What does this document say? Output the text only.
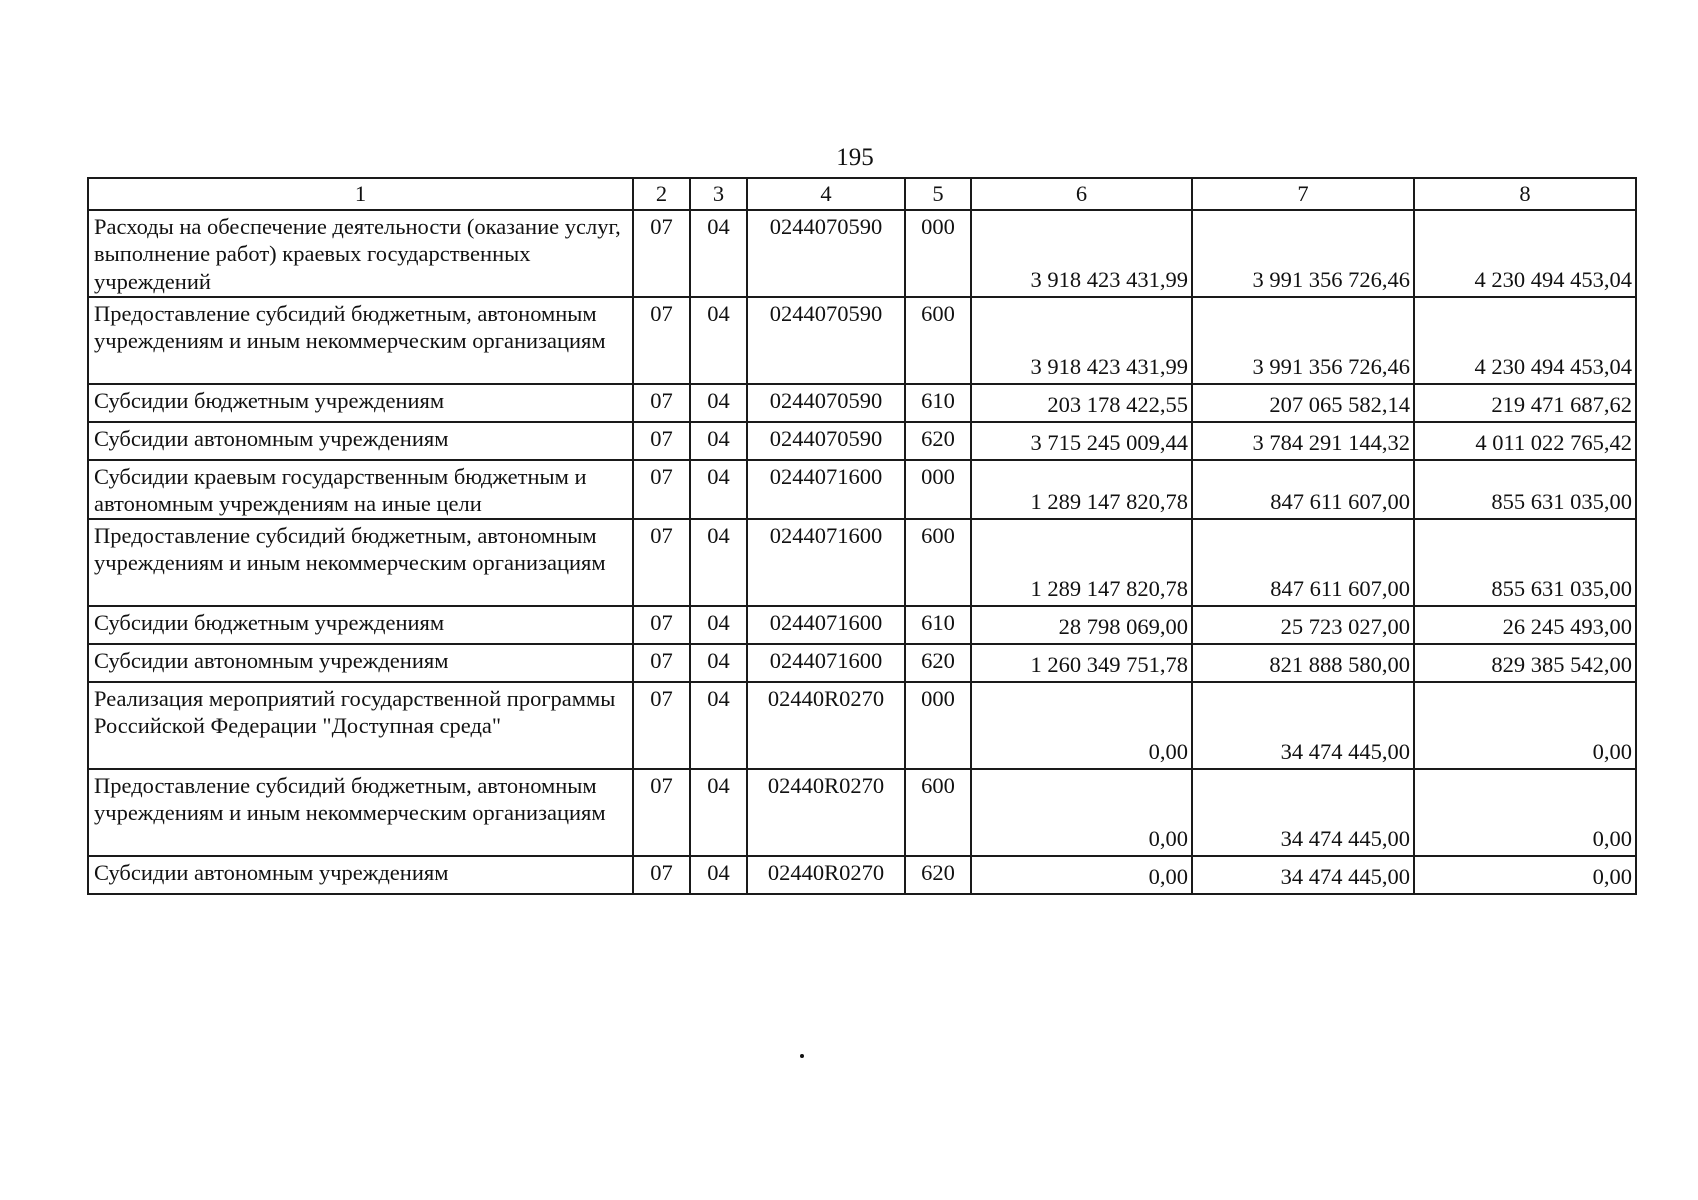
195
1	2	3	4	5	6	7	8
Расходы на обеспечение деятельности (оказание услуг, выполнение работ) краевых государственных учреждений	07	04	0244070590	000	3 918 423 431,99	3 991 356 726,46	4 230 494 453,04
Предоставление субсидий бюджетным, автономным учреждениям и иным некоммерческим организациям	07	04	0244070590	600	3 918 423 431,99	3 991 356 726,46	4 230 494 453,04
Субсидии бюджетным учреждениям	07	04	0244070590	610	203 178 422,55	207 065 582,14	219 471 687,62
Субсидии автономным учреждениям	07	04	0244070590	620	3 715 245 009,44	3 784 291 144,32	4 011 022 765,42
Субсидии краевым государственным бюджетным и автономным учреждениям на иные цели	07	04	0244071600	000	1 289 147 820,78	847 611 607,00	855 631 035,00
Предоставление субсидий бюджетным, автономным учреждениям и иным некоммерческим организациям	07	04	0244071600	600	1 289 147 820,78	847 611 607,00	855 631 035,00
Субсидии бюджетным учреждениям	07	04	0244071600	610	28 798 069,00	25 723 027,00	26 245 493,00
Субсидии автономным учреждениям	07	04	0244071600	620	1 260 349 751,78	821 888 580,00	829 385 542,00
Реализация мероприятий государственной программы Российской Федерации "Доступная среда"	07	04	02440R0270	000	0,00	34 474 445,00	0,00
Предоставление субсидий бюджетным, автономным учреждениям и иным некоммерческим организациям	07	04	02440R0270	600	0,00	34 474 445,00	0,00
Субсидии автономным учреждениям	07	04	02440R0270	620	0,00	34 474 445,00	0,00
